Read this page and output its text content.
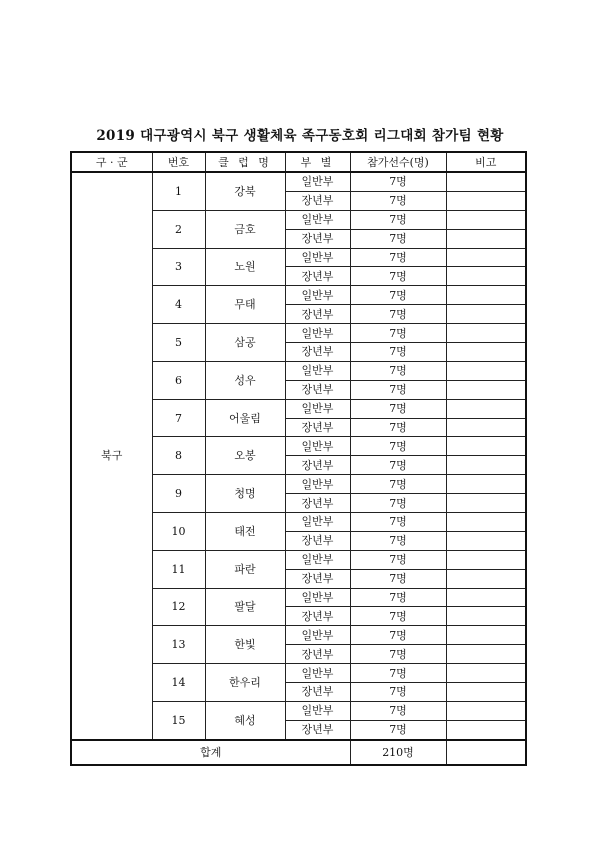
2019 대구광역시 북구 생활체육 족구동호회 리그대회 참가팀 현황
구 · 군	번호	클 럽 명	부 별	참가선수(명)	비고
북구	1	강북	일반부	7명	
			장년부	7명	
	2	금호	일반부	7명	
			장년부	7명	
	3	노원	일반부	7명	
			장년부	7명	
	4	무태	일반부	7명	
			장년부	7명	
	5	삼공	일반부	7명	
			장년부	7명	
	6	성우	일반부	7명	
			장년부	7명	
	7	어울림	일반부	7명	
			장년부	7명	
	8	오봉	일반부	7명	
			장년부	7명	
	9	청명	일반부	7명	
			장년부	7명	
	10	태전	일반부	7명	
			장년부	7명	
	11	파란	일반부	7명	
			장년부	7명	
	12	팔달	일반부	7명	
			장년부	7명	
	13	한빛	일반부	7명	
			장년부	7명	
	14	한우리	일반부	7명	
			장년부	7명	
	15	혜성	일반부	7명	
			장년부	7명	
합계				210명	
